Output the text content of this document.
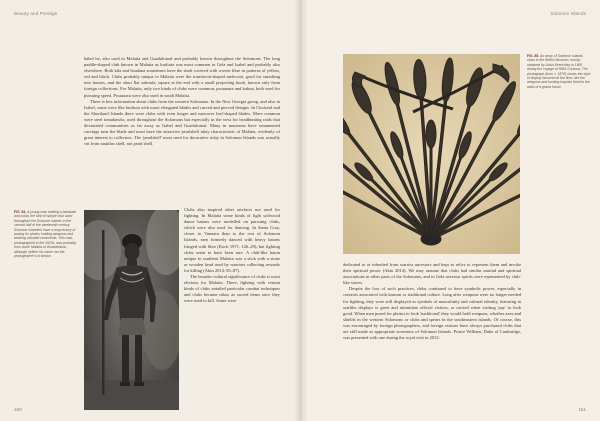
Beauty and Prestige

babel be, also used in Malaita and Guadalcanal and probably known throughout the Solomons. The long paddle-shaped club known in Malaita as luufiuta was most common in Gela and Isabel and probably also elsewhere. Both kila and Isualana sometimes have the shaft covered with woven fibre in patterns of yellow, red and black. Clubs probably unique to Malaita were the truncheon-shaped meleconi, good for smashing into houses, and the short flat subunfa, square at the end with a small projecting knob, known only from foreign collections. For Malaita, only two kinds of clubs were common, pwaauara and kukua, both used for pursuing speed. Pwaauara were also used in south Malaita.

There is less information about clubs from the western Solomons. In the New Georgia group, and also in Isabel, some were like luufiuta with more elongated blades and carved and pierced designs. In Choiseul and the Shortland Islands there were clubs with even longer and narrower leaf-shaped blades. More common were steel tomahawks, used throughout the Solomons but especially in the west for headhunting raids that devastated communities as far away as Isabel and Guadalcanal. Many in museums have ornamented carvings near the blade and most have the attractive pearlshell inlay characteristic of Malaita, evidently of great interest to collectors. The 'pearlshell' most used for decorative inlay in Solomon Islands was actually cut from nautilus shell, not pearl shell.

Clubs also inspired other artefacts not used for fighting. In Malaita some kinds of light softwood dance batons were modelled on pursuing clubs, which were also used for dancing. In Santa Cruz, closer to Vanuatu than to the rest of Solomon Islands, men formerly danced with heavy batons fringed with fibre (Koch 1971: 126–29), but fighting clubs seem to have been rare. A club-like baton unique to southern Malaita was a stick with a stone or wooden head used by warriors collecting rewards for killing (Akin 2014: 85–87).

The broader cultural significance of clubs is most obvious for Malaita. There, fighting with certain kinds of clubs entailed particular combat techniques and clubs became taboo as sacred items once they were used to kill. Some were

FIG. 84. A young man holding a bakakaki and a kila, the kind of simple club used throughout the Solomon Islands in the second half of the nineteenth century. Solomon Islanders have a long history of posing for photos holding weapons and wearing valuable ornaments. This man, photographed in the 1920s, was probably from south Malaita or Guadalcanal, although neither his name nor the photographer's is known.
150
Solomon Islands
FIG. 85. An array of Solomon Islands clubs in the British Museum, mostly obtained by Julius Brenchley in 1865 during the voyage of HMS Curacoa. The photograph (from c. 1870) shows the style of display favoured at the time; like the weapons and hunting trophies fixed to the walls of a grand house.

dedicated to or inherited from warrior ancestors and kept as relics to represent them and invoke their spiritual power (Akin 2014). We may assume that clubs had similar martial and spiritual associations in other parts of the Solomons, and in Gela ancestor spirits were represented by club-like staves.

Despite the loss of such practices, clubs continued to have symbolic power, especially in contexts associated with kastom or traditional culture. Long after weapons were no longer needed for fighting, they were still displayed as symbols of masculinity and cultural identity, featuring in warlike displays to greet and intimidate official visitors, or carried when visiting 'pay' to look good. When men posed for photos to look 'traditional' they would hold weapons, whether axes and shields in the western Solomons or clubs and spears in the southeastern islands. Of course, this was encouraged by foreign photographers, and foreign visitors have always purchased clubs that are still made as appropriate souvenirs of Solomon Islands. Prince William, Duke of Cambridge, was presented with one during the royal visit in 2012.

151
